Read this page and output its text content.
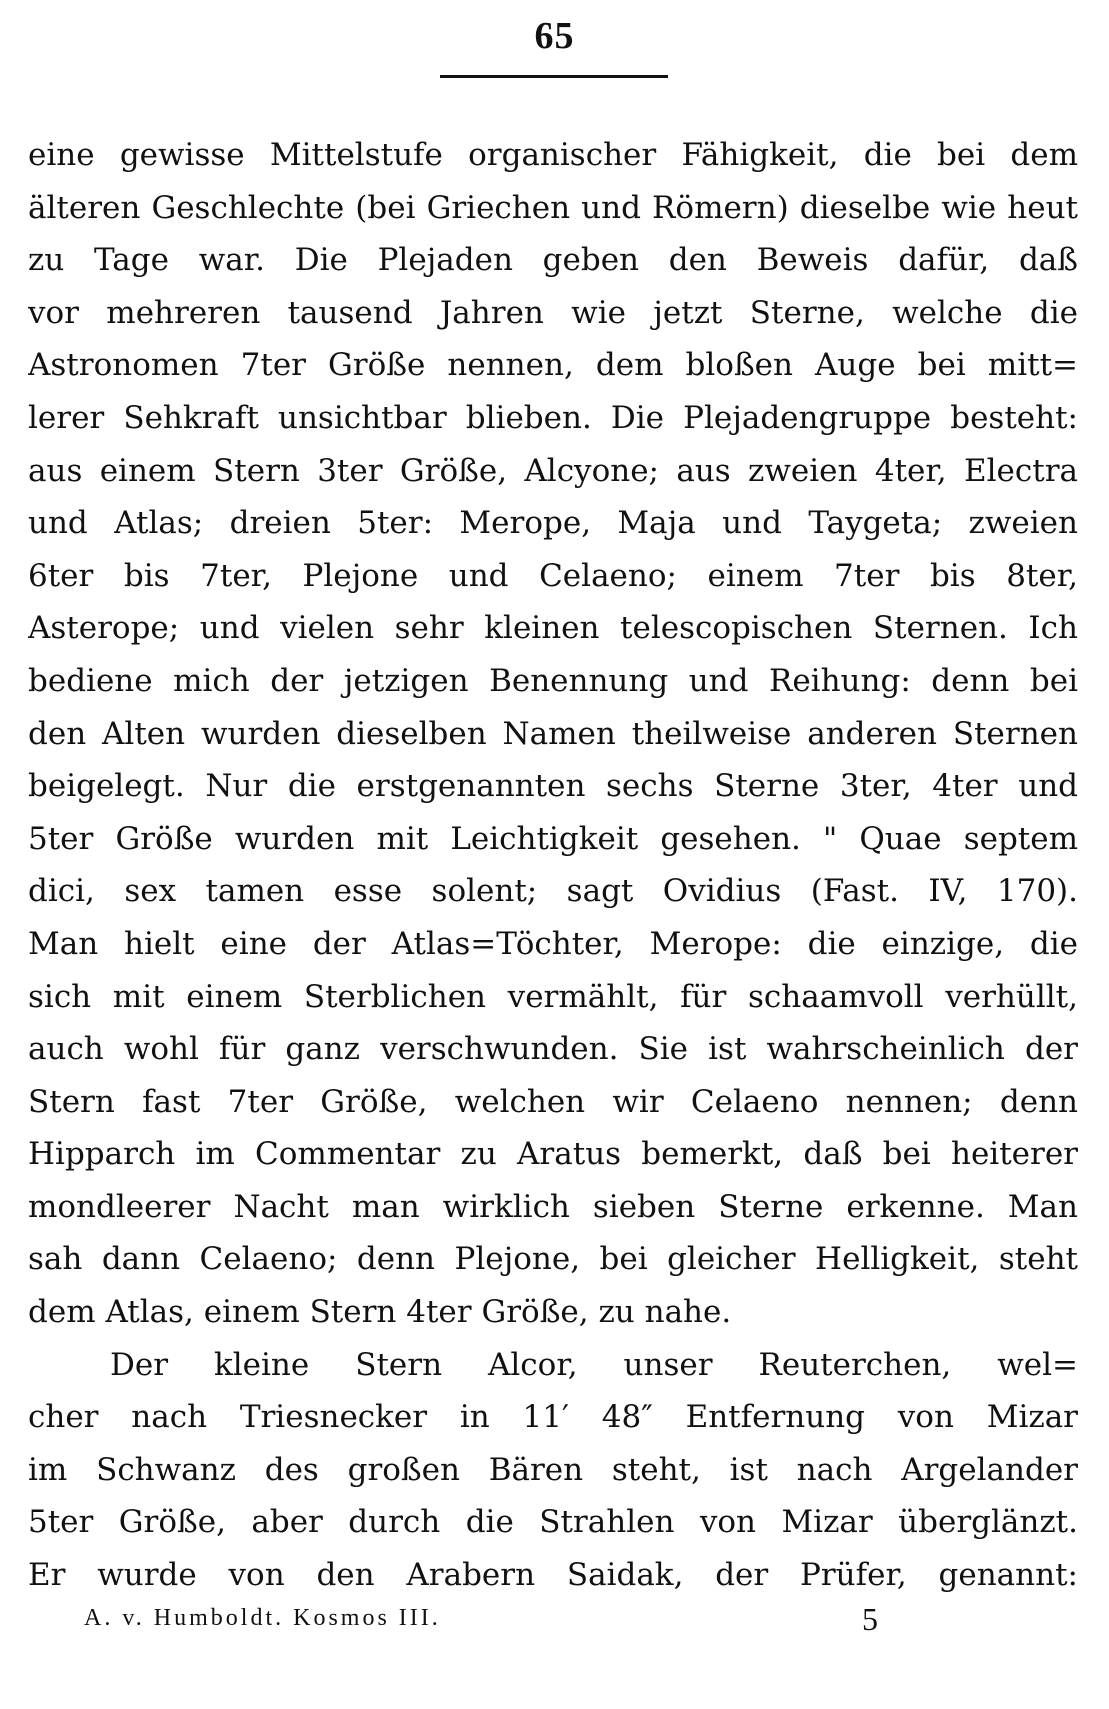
65
eine gewisse Mittelstufe organischer Fähigkeit, die bei dem
älteren Geschlechte (bei Griechen und Römern) dieselbe wie heut
zu Tage war. Die Plejaden geben den Beweis dafür, daß
vor mehreren tausend Jahren wie jetzt Sterne, welche die
Astronomen 7ter Größe nennen, dem bloßen Auge bei mitt=
lerer Sehkraft unsichtbar blieben. Die Plejadengruppe besteht:
aus einem Stern 3ter Größe, Alcyone; aus zweien 4ter, Electra
und Atlas; dreien 5ter: Merope, Maja und Taygeta; zweien
6ter bis 7ter, Plejone und Celaeno; einem 7ter bis 8ter,
Asterope; und vielen sehr kleinen telescopischen Sternen. Ich
bediene mich der jetzigen Benennung und Reihung: denn bei
den Alten wurden dieselben Namen theilweise anderen Sternen
beigelegt. Nur die erstgenannten sechs Sterne 3ter, 4ter und
5ter Größe wurden mit Leichtigkeit gesehen. " Quae septem
dici, sex tamen esse solent; sagt Ovidius (Fast. IV, 170).
Man hielt eine der Atlas=Töchter, Merope: die einzige, die
sich mit einem Sterblichen vermählt, für schaamvoll verhüllt,
auch wohl für ganz verschwunden. Sie ist wahrscheinlich der
Stern fast 7ter Größe, welchen wir Celaeno nennen; denn
Hipparch im Commentar zu Aratus bemerkt, daß bei heiterer
mondleerer Nacht man wirklich sieben Sterne erkenne. Man
sah dann Celaeno; denn Plejone, bei gleicher Helligkeit, steht
dem Atlas, einem Stern 4ter Größe, zu nahe.
Der kleine Stern Alcor, unser Reuterchen, wel=
cher nach Triesnecker in 11′ 48″ Entfernung von Mizar
im Schwanz des großen Bären steht, ist nach Argelander
5ter Größe, aber durch die Strahlen von Mizar überglänzt.
Er wurde von den Arabern Saidak, der Prüfer, genannt:
A. v. Humboldt. Kosmos III.	5
